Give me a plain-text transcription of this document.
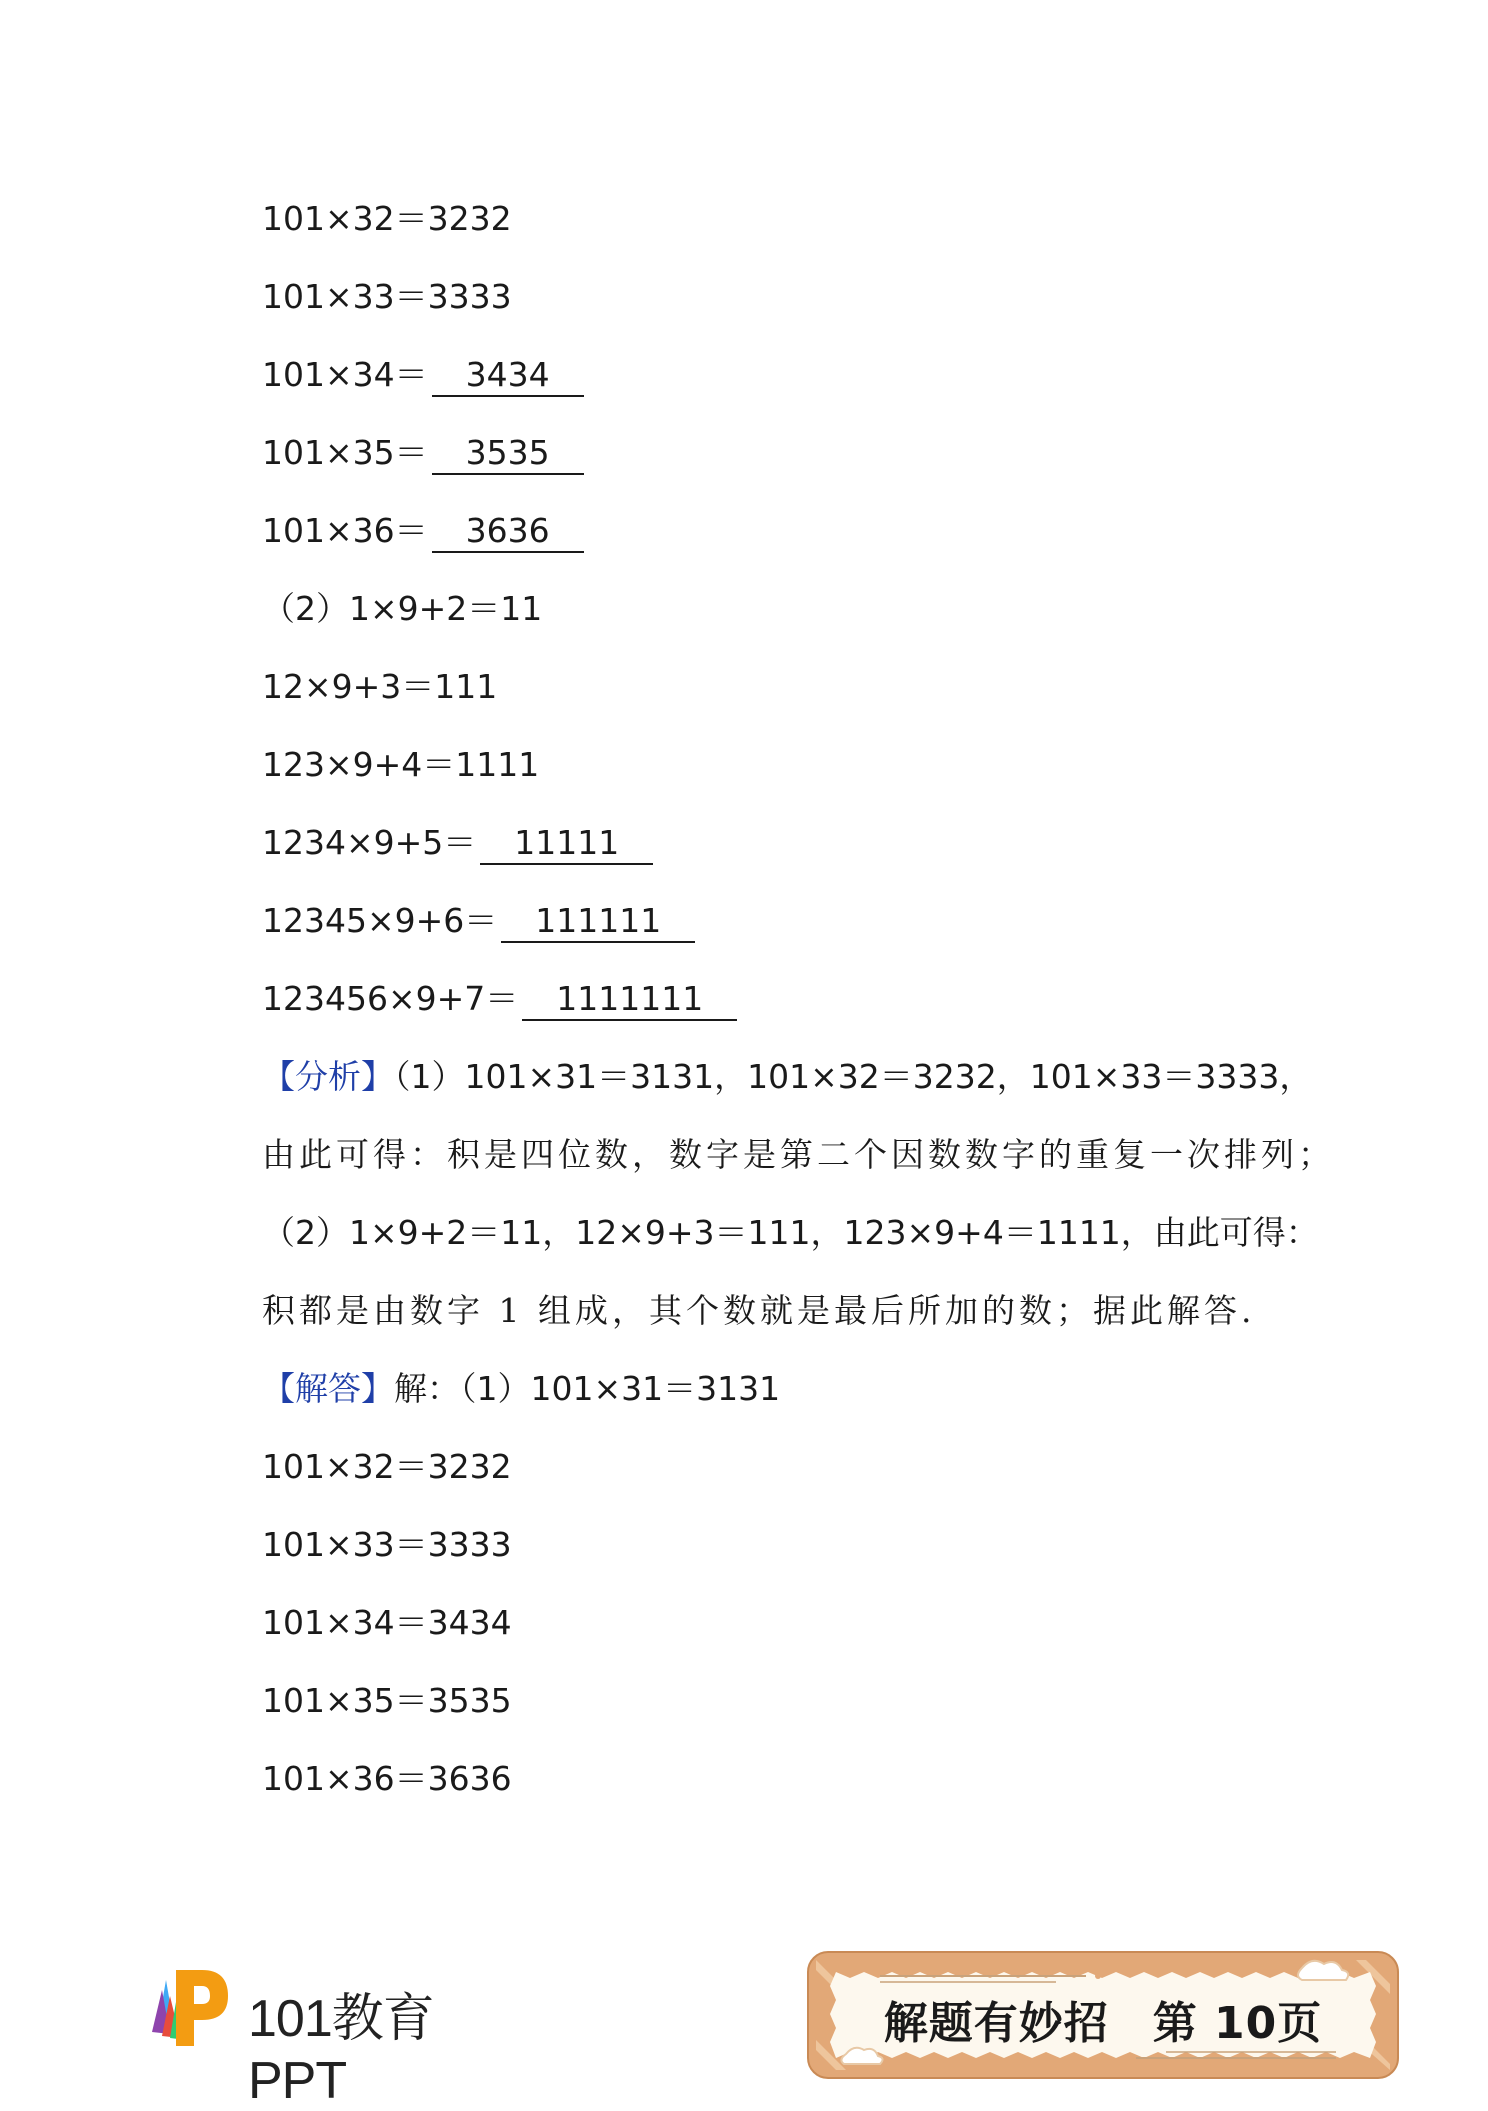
101×32＝3232
101×33＝3333
101×34＝ 3434
101×35＝ 3535
101×36＝ 3636
（2）1×9+2＝11
12×9+3＝111
123×9+4＝1111
1234×9+5＝ 11111
12345×9+6＝ 111111
123456×9+7＝ 1111111
【分析】（1）101×31＝3131，101×32＝3232，101×33＝3333，
由此可得：积是四位数，数字是第二个因数数字的重复一次排列；
（2）1×9+2＝11，12×9+3＝111，123×9+4＝1111，由此可得：
积都是由数字 1 组成，其个数就是最后所加的数；据此解答.
【解答】解：（1）101×31＝3131
101×32＝3232
101×33＝3333
101×34＝3434
101×35＝3535
101×36＝3636
101教育PPT
解题有妙招 第 10页
